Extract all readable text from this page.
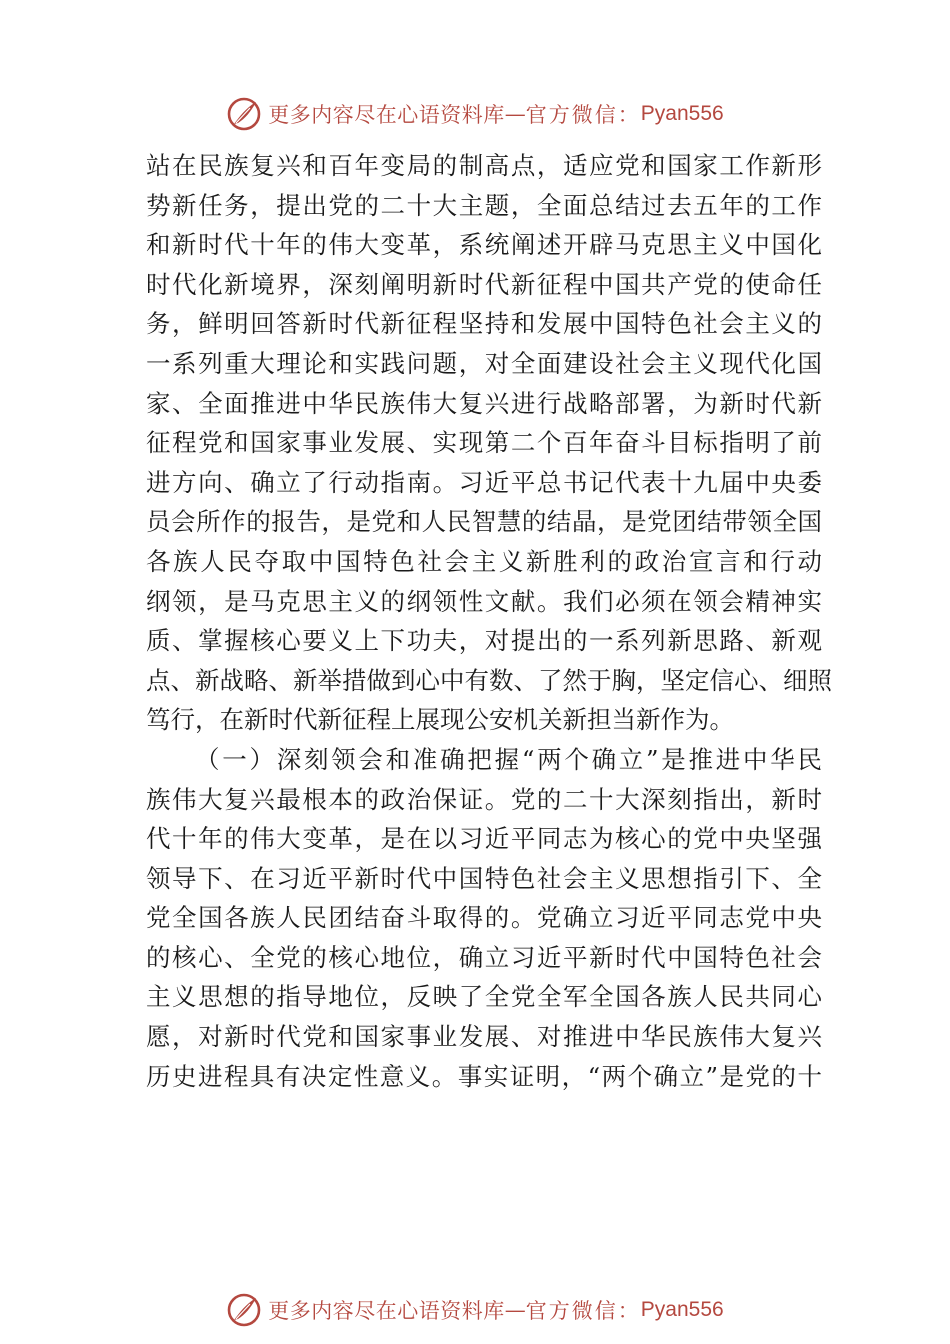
更多内容尽在心语资料库 — 官方微信： Pyan556

站在民族复兴和百年变局的制高点，适应党和国家工作新形
势新任务，提出党的二十大主题，全面总结过去五年的工作
和新时代十年的伟大变革，系统阐述开辟马克思主义中国化
时代化新境界，深刻阐明新时代新征程中国共产党的使命任
务，鲜明回答新时代新征程坚持和发展中国特色社会主义的
一系列重大理论和实践问题，对全面建设社会主义现代化国
家、全面推进中华民族伟大复兴进行战略部署，为新时代新
征程党和国家事业发展、实现第二个百年奋斗目标指明了前
进方向、确立了行动指南。习近平总书记代表十九届中央委
员会所作的报告，是党和人民智慧的结晶，是党团结带领全国
各族人民夺取中国特色社会主义新胜利的政治宣言和行动
纲领，是马克思主义的纲领性文献。我们必须在领会精神实
质、掌握核心要义上下功夫，对提出的一系列新思路、新观
点、新战略、新举措做到心中有数、了然于胸，坚定信心、细照
笃行，在新时代新征程上展现公安机关新担当新作为。

（一）深刻领会和准确把握“两个确立”是推进中华民
族伟大复兴最根本的政治保证。党的二十大深刻指出，新时
代十年的伟大变革，是在以习近平同志为核心的党中央坚强
领导下、在习近平新时代中国特色社会主义思想指引下、全
党全国各族人民团结奋斗取得的。党确立习近平同志党中央
的核心、全党的核心地位，确立习近平新时代中国特色社会
主义思想的指导地位，反映了全党全军全国各族人民共同心
愿，对新时代党和国家事业发展、对推进中华民族伟大复兴
历史进程具有决定性意义。事实证明，“两个确立”是党的十

更多内容尽在心语资料库 — 官方微信： Pyan556
